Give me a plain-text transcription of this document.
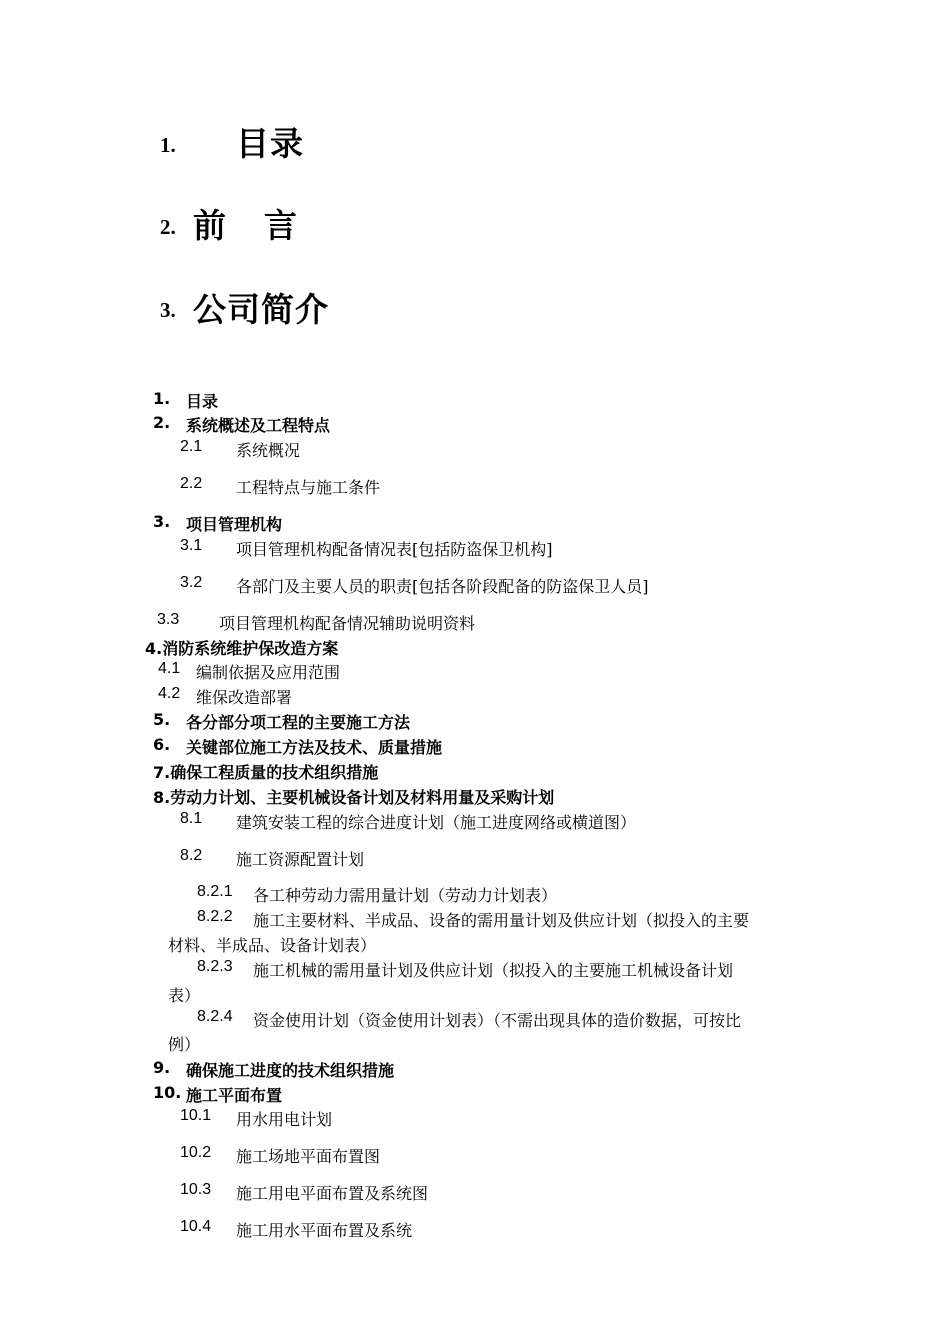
1. 目录
2. 前 言
3. 公司简介
1. 目录
2. 系统概述及工程特点
2.1 系统概况
2.2 工程特点与施工条件
3. 项目管理机构
3.1 项目管理机构配备情况表[包括防盗保卫机构]
3.2 各部门及主要人员的职责[包括各阶段配备的防盗保卫人员]
3.3 项目管理机构配备情况辅助说明资料
4.消防系统维护保改造方案
4.1 编制依据及应用范围
4.2 维保改造部署
5. 各分部分项工程的主要施工方法
6. 关键部位施工方法及技术、质量措施
7.确保工程质量的技术组织措施
8.劳动力计划、主要机械设备计划及材料用量及采购计划
8.1 建筑安装工程的综合进度计划（施工进度网络或横道图）
8.2 施工资源配置计划
8.2.1 各工种劳动力需用量计划（劳动力计划表）
8.2.2 施工主要材料、半成品、设备的需用量计划及供应计划（拟投入的主要
材料、半成品、设备计划表）
8.2.3 施工机械的需用量计划及供应计划（拟投入的主要施工机械设备计划
表）
8.2.4 资金使用计划（资金使用计划表）（不需出现具体的造价数据，可按比
例）
9. 确保施工进度的技术组织措施
10. 施工平面布置
10.1 用水用电计划
10.2 施工场地平面布置图
10.3 施工用电平面布置及系统图
10.4 施工用水平面布置及系统
